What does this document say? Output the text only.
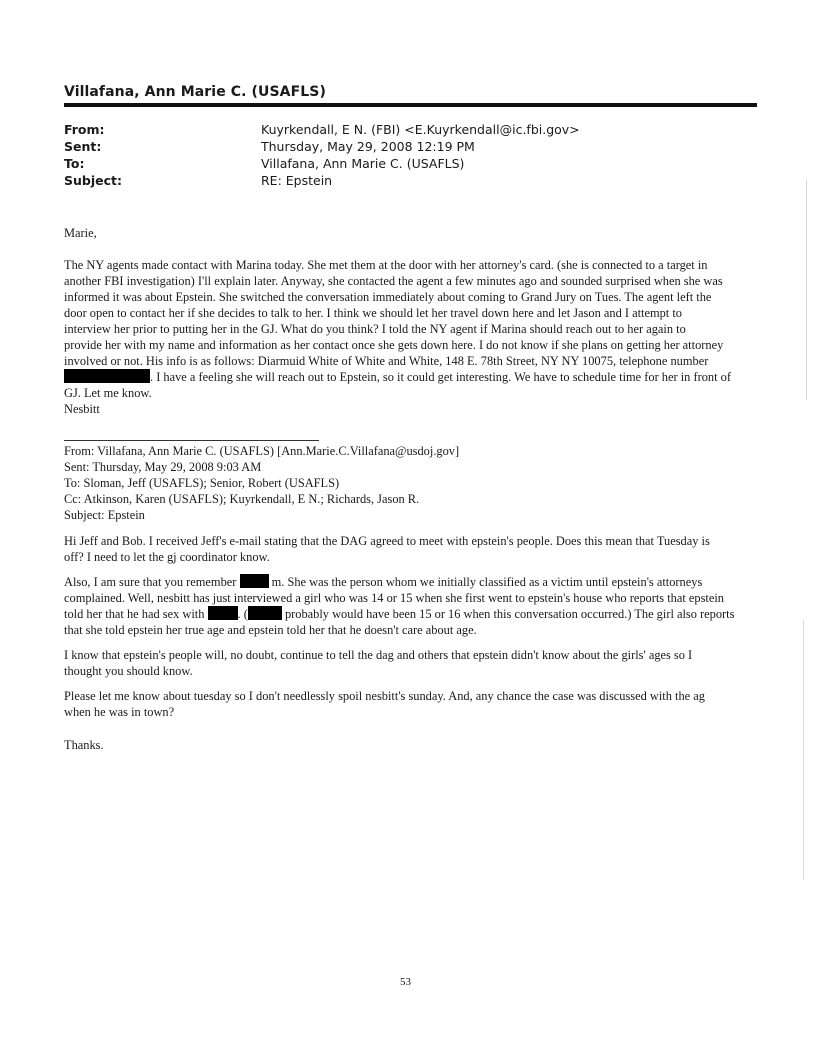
Villafana, Ann Marie C. (USAFLS)
From:	Kuyrkendall, E N. (FBI) <E.Kuyrkendall@ic.fbi.gov>
Sent:	Thursday, May 29, 2008 12:19 PM
To:	Villafana, Ann Marie C. (USAFLS)
Subject:	RE: Epstein
Marie,
The NY agents made contact with Marina today. She met them at the door with her attorney's card. (she is connected to a target in
another FBI investigation) I'll explain later. Anyway, she contacted the agent a few minutes ago and sounded surprised when she was
informed it was about Epstein. She switched the conversation immediately about coming to Grand Jury on Tues. The agent left the
door open to contact her if she decides to talk to her. I think we should let her travel down here and let Jason and I attempt to
interview her prior to putting her in the GJ. What do you think? I told the NY agent if Marina should reach out to her again to
provide her with my name and information as her contact once she gets down here. I do not know if she plans on getting her attorney
involved or not. His info is as follows: Diarmuid White of White and White, 148 E. 78th Street, NY NY 10075, telephone number
. I have a feeling she will reach out to Epstein, so it could get interesting. We have to schedule time for her in front of
GJ. Let me know.
Nesbitt
From: Villafana, Ann Marie C. (USAFLS) [Ann.Marie.C.Villafana@usdoj.gov]
Sent: Thursday, May 29, 2008 9:03 AM
To: Sloman, Jeff (USAFLS); Senior, Robert (USAFLS)
Cc: Atkinson, Karen (USAFLS); Kuyrkendall, E N.; Richards, Jason R.
Subject: Epstein
Hi Jeff and Bob. I received Jeff's e-mail stating that the DAG agreed to meet with epstein's people. Does this mean that Tuesday is
off? I need to let the gj coordinator know.
Also, I am sure that you remember	m. She was the person whom we initially classified as a victim until epstein's attorneys
complained. Well, nesbitt has just interviewed a girl who was 14 or 15 when she first went to epstein's house who reports that epstein
told her that he had sex with	. (	probably would have been 15 or 16 when this conversation occurred.) The girl also reports
that she told epstein her true age and epstein told her that he doesn't care about age.
I know that epstein's people will, no doubt, continue to tell the dag and others that epstein didn't know about the girls' ages so I
thought you should know.
Please let me know about tuesday so I don't needlessly spoil nesbitt's sunday. And, any chance the case was discussed with the ag
when he was in town?
Thanks.
53
